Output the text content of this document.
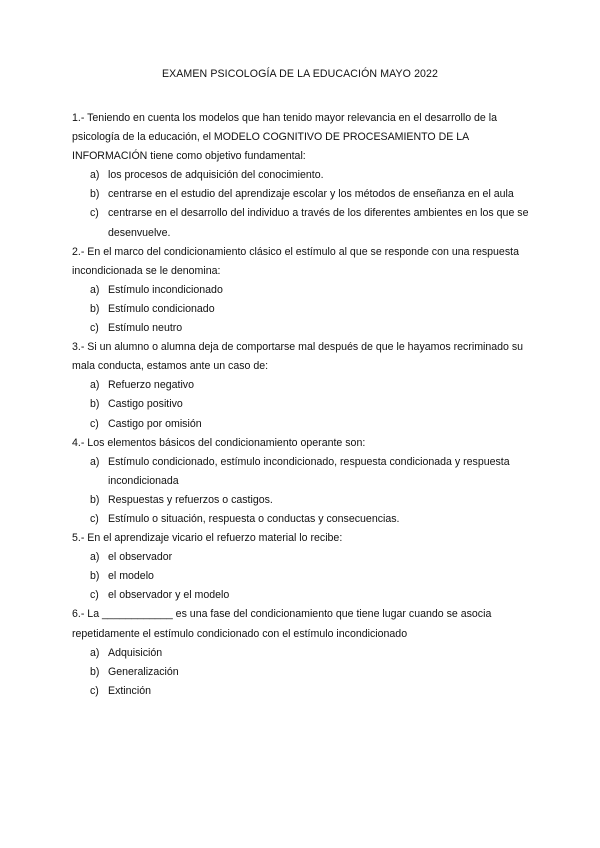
EXAMEN PSICOLOGÍA DE LA EDUCACIÓN MAYO 2022

1.- Teniendo en cuenta los modelos que han tenido mayor relevancia en el desarrollo de la psicología de la educación, el MODELO COGNITIVO DE PROCESAMIENTO DE LA INFORMACIÓN tiene como objetivo fundamental:

a) los procesos de adquisición del conocimiento.
b) centrarse en el estudio del aprendizaje escolar y los métodos de enseñanza en el aula
c) centrarse en el desarrollo del individuo a través de los diferentes ambientes en los que se desenvuelve.

2.- En el marco del condicionamiento clásico el estímulo al que se responde con una respuesta incondicionada se le denomina:

a) Estímulo incondicionado
b) Estímulo condicionado
c) Estímulo neutro

3.- Si un alumno o alumna deja de comportarse mal después de que le hayamos recriminado su mala conducta, estamos ante un caso de:

a) Refuerzo negativo
b) Castigo positivo
c) Castigo por omisión

4.- Los elementos básicos del condicionamiento operante son:

a) Estímulo condicionado, estímulo incondicionado, respuesta condicionada y respuesta incondicionada
b) Respuestas y refuerzos o castigos.
c) Estímulo o situación, respuesta o conductas y consecuencias.

5.- En el aprendizaje vicario el refuerzo material lo recibe:

a) el observador
b) el modelo
c) el observador y el modelo

6.- La ____________ es una fase del condicionamiento que tiene lugar cuando se asocia repetidamente el estímulo condicionado con el estímulo incondicionado

a) Adquisición
b) Generalización
c) Extinción
